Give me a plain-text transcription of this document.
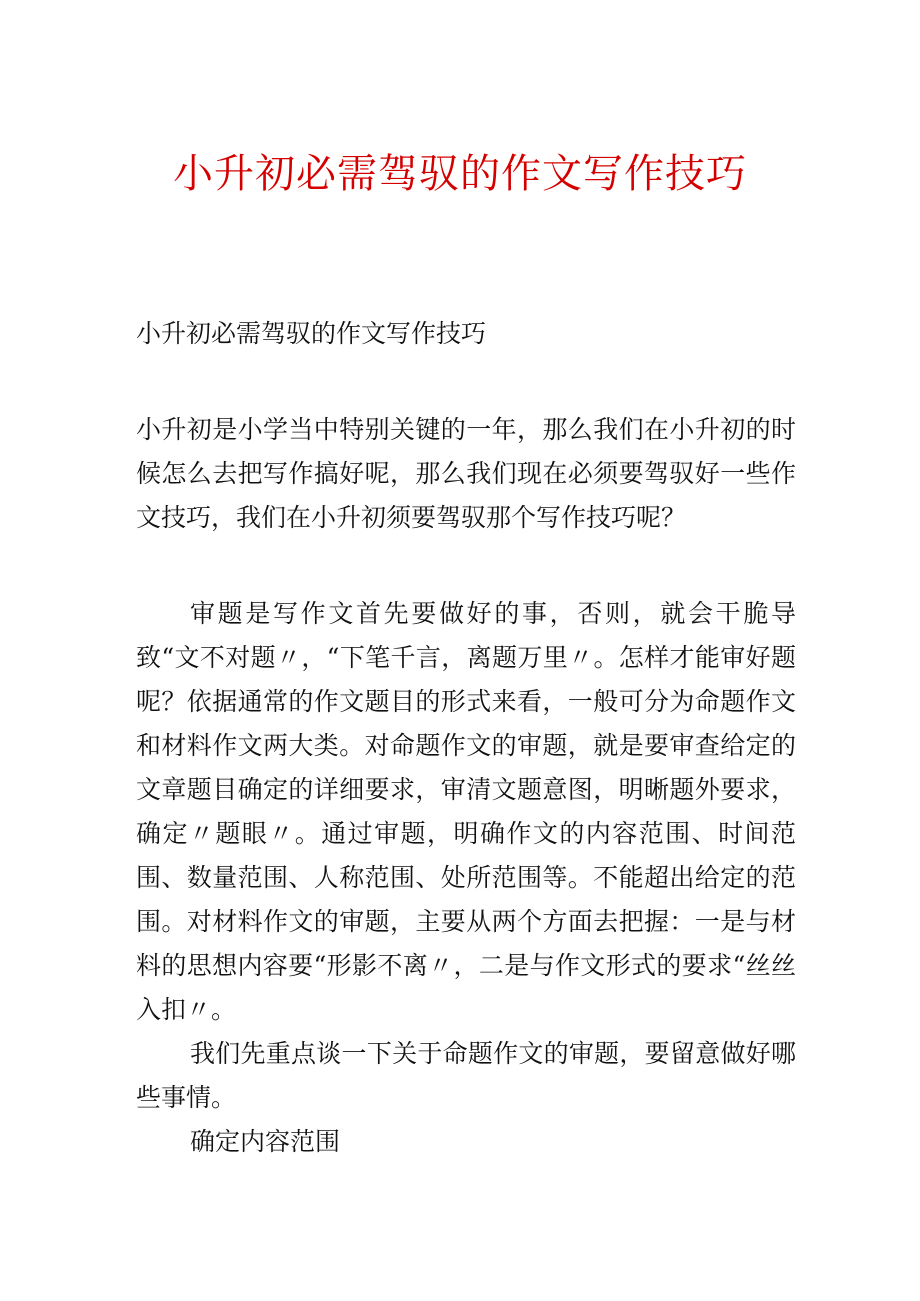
小升初必需驾驭的作文写作技巧

小升初必需驾驭的作文写作技巧

小升初是小学当中特别关键的一年，那么我们在小升初的时候怎么去把写作搞好呢，那么我们现在必须要驾驭好一些作文技巧，我们在小升初须要驾驭那个写作技巧呢？

审题是写作文首先要做好的事，否则，就会干脆导致“文不对题〃，“下笔千言，离题万里〃。怎样才能审好题呢？依据通常的作文题目的形式来看，一般可分为命题作文和材料作文两大类。对命题作文的审题，就是要审查给定的文章题目确定的详细要求，审清文题意图，明晰题外要求，确定〃题眼〃。通过审题，明确作文的内容范围、时间范围、数量范围、人称范围、处所范围等。不能超出给定的范围。对材料作文的审题，主要从两个方面去把握：一是与材料的思想内容要“形影不离〃，二是与作文形式的要求“丝丝入扣〃。

我们先重点谈一下关于命题作文的审题，要留意做好哪些事情。

确定内容范围
